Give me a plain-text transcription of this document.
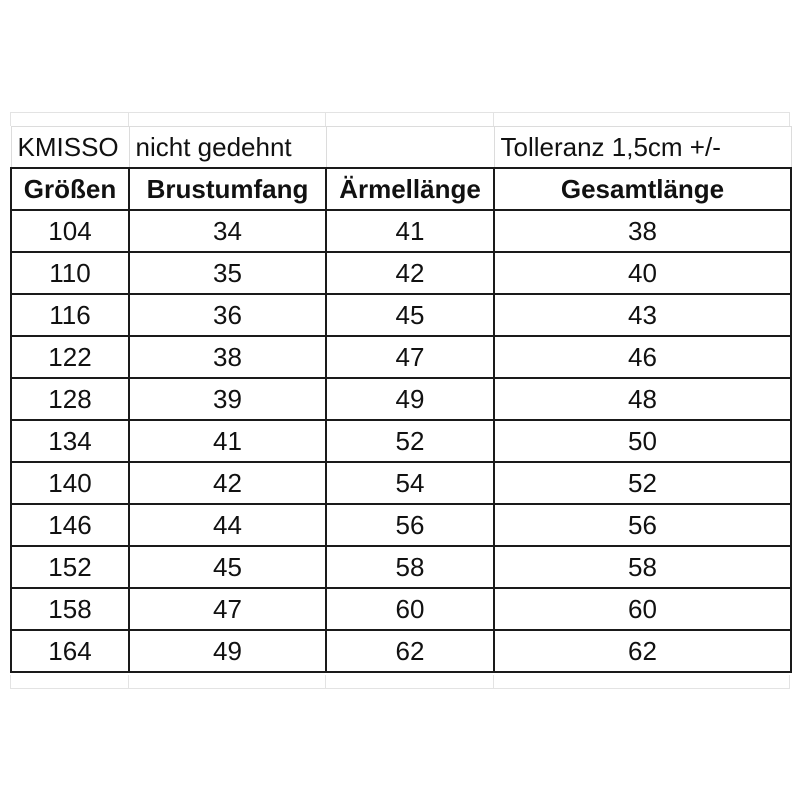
KMISSO	nicht gedehnt		Tolleranz 1,5cm +/-
Größen	Brustumfang	Ärmellänge	Gesamtlänge
104	34	41	38
110	35	42	40
116	36	45	43
122	38	47	46
128	39	49	48
134	41	52	50
140	42	54	52
146	44	56	56
152	45	58	58
158	47	60	60
164	49	62	62
